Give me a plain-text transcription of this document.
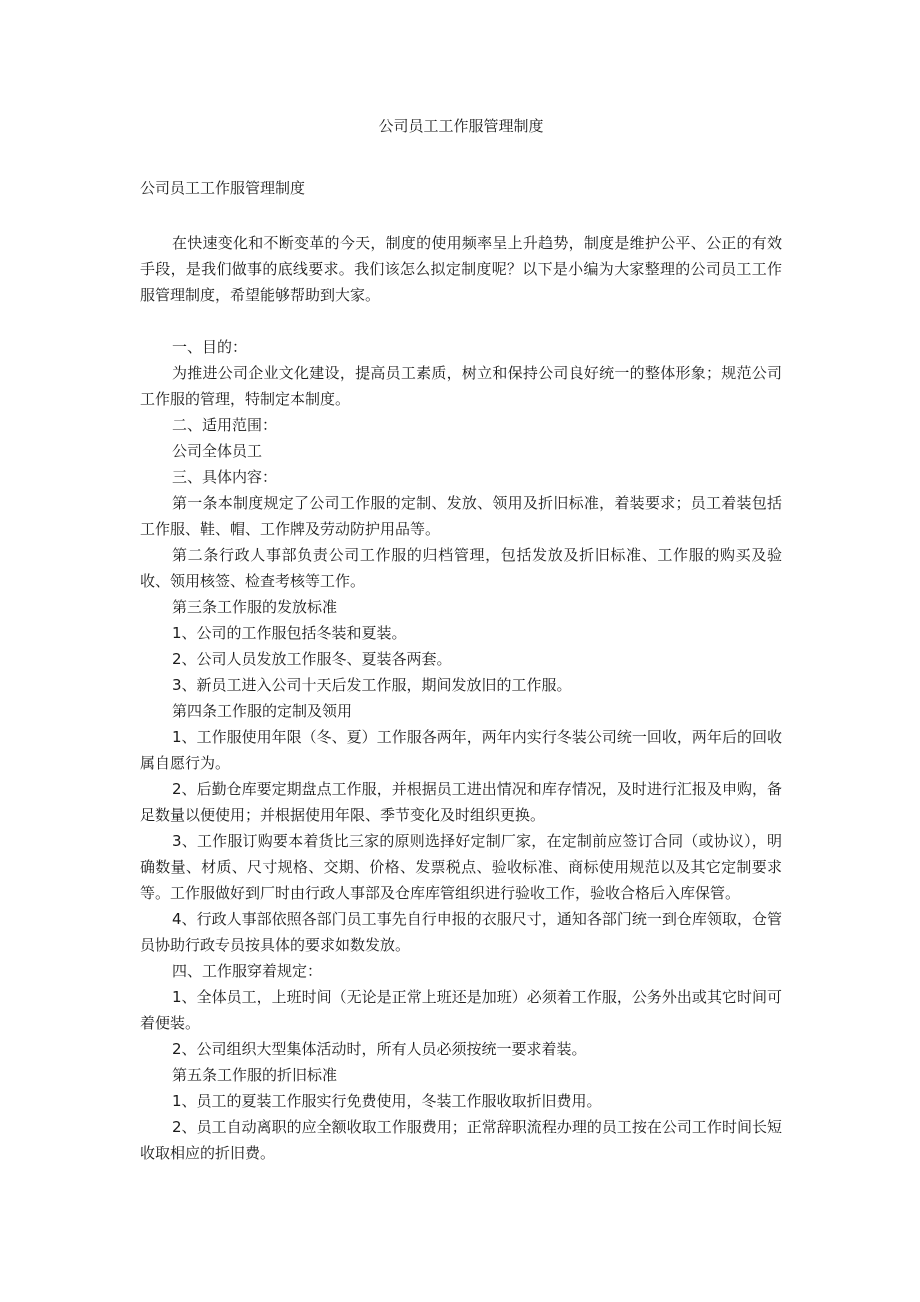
公司员工工作服管理制度
公司员工工作服管理制度

在快速变化和不断变革的今天，制度的使用频率呈上升趋势，制度是维护公平、公正的有效手段，是我们做事的底线要求。我们该怎么拟定制度呢？以下是小编为大家整理的公司员工工作服管理制度，希望能够帮助到大家。

一、目的：

为推进公司企业文化建设，提高员工素质，树立和保持公司良好统一的整体形象；规范公司工作服的管理，特制定本制度。

二、适用范围：

公司全体员工

三、具体内容：

第一条本制度规定了公司工作服的定制、发放、领用及折旧标准，着装要求；员工着装包括工作服、鞋、帽、工作牌及劳动防护用品等。

第二条行政人事部负责公司工作服的归档管理，包括发放及折旧标准、工作服的购买及验收、领用核签、检查考核等工作。

第三条工作服的发放标准

1、公司的工作服包括冬装和夏装。

2、公司人员发放工作服冬、夏装各两套。

3、新员工进入公司十天后发工作服，期间发放旧的工作服。

第四条工作服的定制及领用

1、工作服使用年限（冬、夏）工作服各两年，两年内实行冬装公司统一回收，两年后的回收属自愿行为。

2、后勤仓库要定期盘点工作服，并根据员工进出情况和库存情况，及时进行汇报及申购，备足数量以便使用；并根据使用年限、季节变化及时组织更换。

3、工作服订购要本着货比三家的原则选择好定制厂家，在定制前应签订合同（或协议），明确数量、材质、尺寸规格、交期、价格、发票税点、验收标准、商标使用规范以及其它定制要求等。工作服做好到厂时由行政人事部及仓库库管组织进行验收工作，验收合格后入库保管。

4、行政人事部依照各部门员工事先自行申报的衣服尺寸，通知各部门统一到仓库领取，仓管员协助行政专员按具体的要求如数发放。

四、工作服穿着规定：

1、全体员工，上班时间（无论是正常上班还是加班）必须着工作服，公务外出或其它时间可着便装。

2、公司组织大型集体活动时，所有人员必须按统一要求着装。

第五条工作服的折旧标准

1、员工的夏装工作服实行免费使用，冬装工作服收取折旧费用。

2、员工自动离职的应全额收取工作服费用；正常辞职流程办理的员工按在公司工作时间长短收取相应的折旧费。
